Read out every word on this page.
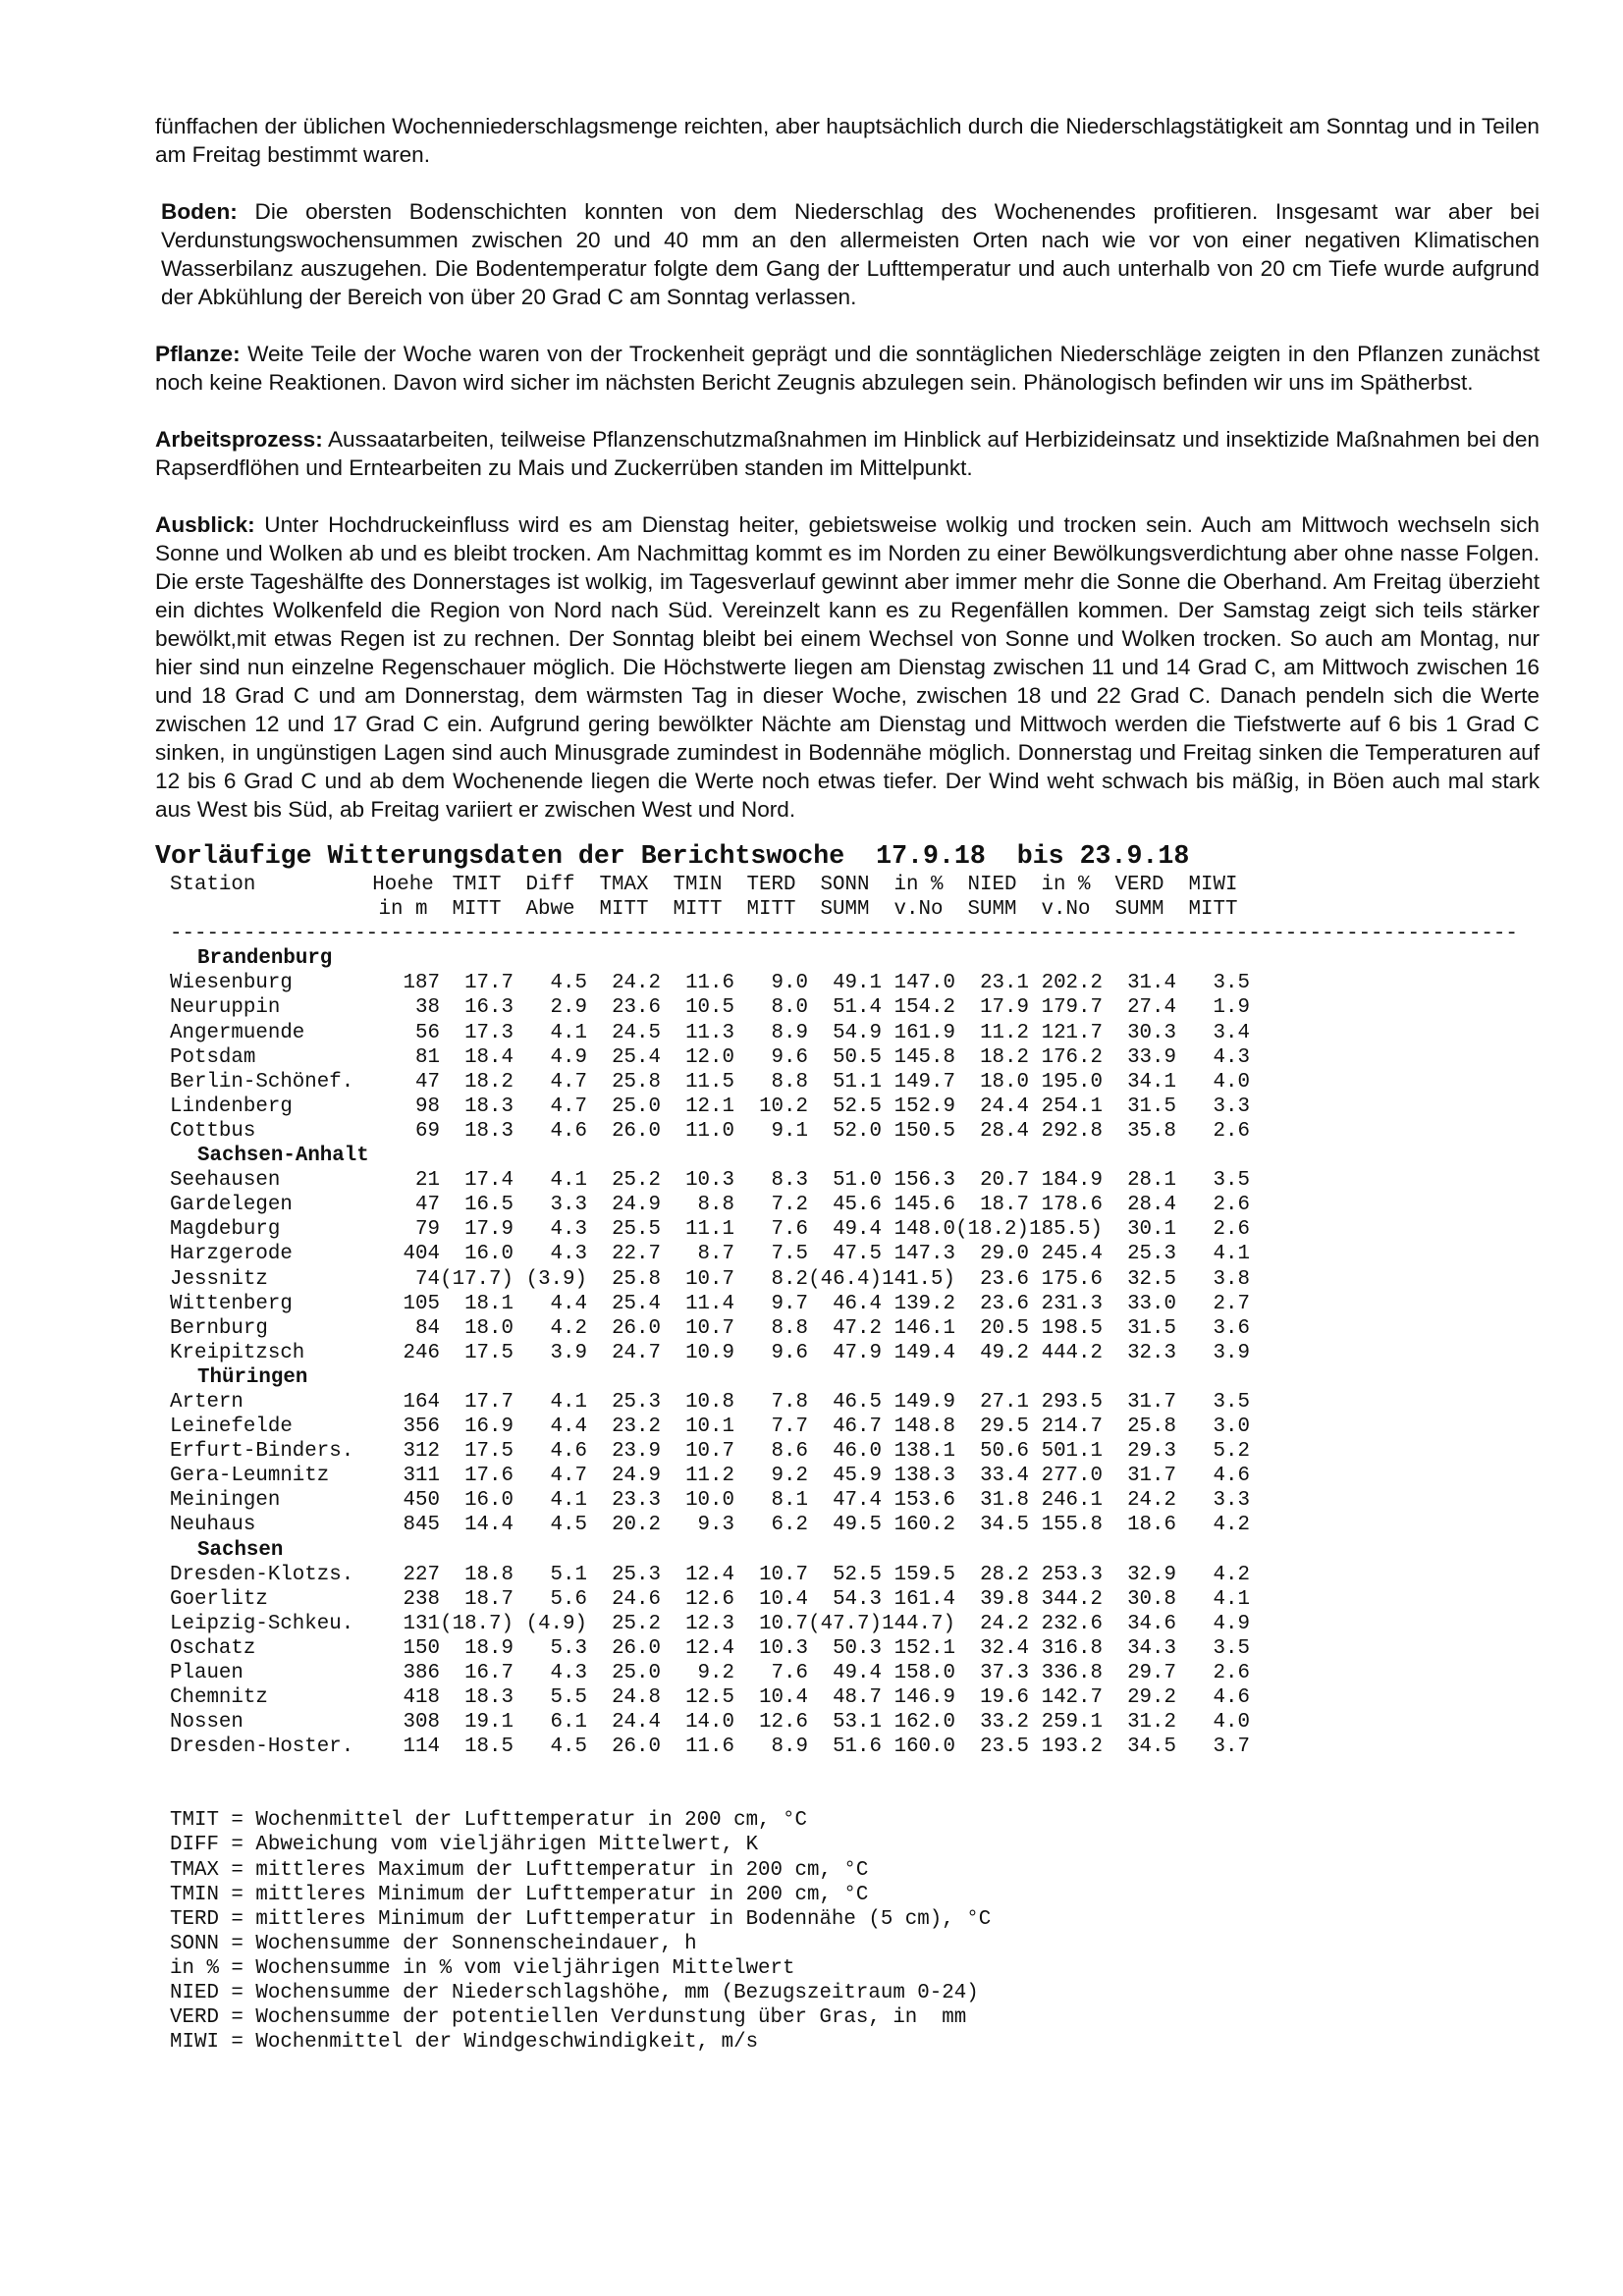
fünffachen der üblichen Wochenniederschlagsmenge reichten, aber hauptsächlich durch die Niederschlagstätigkeit am Sonntag und in Teilen am Freitag bestimmt waren.

Boden: Die obersten Bodenschichten konnten von dem Niederschlag des Wochenendes profitieren. Insgesamt war aber bei Verdunstungswochensummen zwischen 20 und 40 mm an den allermeisten Orten nach wie vor von einer negativen Klimatischen Wasserbilanz auszugehen. Die Bodentemperatur folgte dem Gang der Lufttemperatur und auch unterhalb von 20 cm Tiefe wurde aufgrund der Abkühlung der Bereich von über 20 Grad C am Sonntag verlassen.

Pflanze: Weite Teile der Woche waren von der Trockenheit geprägt und die sonntäglichen Niederschläge zeigten in den Pflanzen zunächst noch keine Reaktionen. Davon wird sicher im nächsten Bericht Zeugnis abzulegen sein. Phänologisch befinden wir uns im Spätherbst.

Arbeitsprozess: Aussaatarbeiten, teilweise Pflanzenschutzmaßnahmen im Hinblick auf Herbizideinsatz und insektizide Maßnahmen bei den Rapserdflöhen und Erntearbeiten zu Mais und Zuckerrüben standen im Mittelpunkt.

Ausblick: Unter Hochdruckeinfluss wird es am Dienstag heiter, gebietsweise wolkig und trocken sein. Auch am Mittwoch wechseln sich Sonne und Wolken ab und es bleibt trocken. Am Nachmittag kommt es im Norden zu einer Bewölkungsverdichtung aber ohne nasse Folgen. Die erste Tageshälfte des Donnerstages ist wolkig, im Tagesverlauf gewinnt aber immer mehr die Sonne die Oberhand. Am Freitag überzieht ein dichtes Wolkenfeld die Region von Nord nach Süd. Vereinzelt kann es zu Regenfällen kommen. Der Samstag zeigt sich teils stärker bewölkt,mit etwas Regen ist zu rechnen. Der Sonntag bleibt bei einem Wechsel von Sonne und Wolken trocken. So auch am Montag, nur hier sind nun einzelne Regenschauer möglich. Die Höchstwerte liegen am Dienstag zwischen 11 und 14 Grad C, am Mittwoch zwischen 16 und 18 Grad C und am Donnerstag, dem wärmsten Tag in dieser Woche, zwischen 18 und 22 Grad C. Danach pendeln sich die Werte zwischen 12 und 17 Grad C ein. Aufgrund gering bewölkter Nächte am Dienstag und Mittwoch werden die Tiefstwerte auf 6 bis 1 Grad C sinken, in ungünstigen Lagen sind auch Minusgrade zumindest in Bodennähe möglich. Donnerstag und Freitag sinken die Temperaturen auf 12 bis 6 Grad C und ab dem Wochenende liegen die Werte noch etwas tiefer. Der Wind weht schwach bis mäßig, in Böen auch mal stark aus West bis Süd, ab Freitag variiert er zwischen West und Nord.

Vorläufige Witterungsdaten der Berichtswoche  17.9.18  bis 23.9.18
Station	Hoehe TMIT	Diff	TMAX	TMIN	TERD	SONN	in %	NIED	in %	VERD	MIWI
in m	MITT	Abwe	MITT	MITT	MITT	SUMM	v.No	SUMM	v.No	SUMM	MITT
--------------------------------------------------------------------------------------------------------------
Brandenburg
Wiesenburg	187	17.7	4.5	24.2	11.6	9.0	49.1 147.0	23.1 202.2	31.4	3.5
Neuruppin	38	16.3	2.9	23.6	10.5	8.0	51.4 154.2	17.9 179.7	27.4	1.9
Angermuende	56	17.3	4.1	24.5	11.3	8.9	54.9 161.9	11.2 121.7	30.3	3.4
Potsdam	81	18.4	4.9	25.4	12.0	9.6	50.5 145.8	18.2 176.2	33.9	4.3
Berlin-Schönef.	47	18.2	4.7	25.8	11.5	8.8	51.1 149.7	18.0 195.0	34.1	4.0
Lindenberg	98	18.3	4.7	25.0	12.1	10.2	52.5 152.9	24.4 254.1	31.5	3.3
Cottbus	69	18.3	4.6	26.0	11.0	9.1	52.0 150.5	28.4 292.8	35.8	2.6
Sachsen-Anhalt
Seehausen	21	17.4	4.1	25.2	10.3	8.3	51.0 156.3	20.7 184.9	28.1	3.5
Gardelegen	47	16.5	3.3	24.9	8.8	7.2	45.6 145.6	18.7 178.6	28.4	2.6
Magdeburg	79	17.9	4.3	25.5	11.1	7.6	49.4 148.0 (18.2) 185.5)	30.1	2.6
Harzgerode	404	16.0	4.3	22.7	8.7	7.5	47.5 147.3	29.0 245.4	25.3	4.1
Jessnitz	74 (17.7) (3.9)	25.8	10.7	8.2 (46.4) 141.5)	23.6 175.6	32.5	3.8
Wittenberg	105	18.1	4.4	25.4	11.4	9.7	46.4 139.2	23.6 231.3	33.0	2.7
Bernburg	84	18.0	4.2	26.0	10.7	8.8	47.2 146.1	20.5 198.5	31.5	3.6
Kreipitzsch	246	17.5	3.9	24.7	10.9	9.6	47.9 149.4	49.2 444.2	32.3	3.9
Thüringen
Artern	164	17.7	4.1	25.3	10.8	7.8	46.5 149.9	27.1 293.5	31.7	3.5
Leinefelde	356	16.9	4.4	23.2	10.1	7.7	46.7 148.8	29.5 214.7	25.8	3.0
Erfurt-Binders.	312	17.5	4.6	23.9	10.7	8.6	46.0 138.1	50.6 501.1	29.3	5.2
Gera-Leumnitz	311	17.6	4.7	24.9	11.2	9.2	45.9 138.3	33.4 277.0	31.7	4.6
Meiningen	450	16.0	4.1	23.3	10.0	8.1	47.4 153.6	31.8 246.1	24.2	3.3
Neuhaus	845	14.4	4.5	20.2	9.3	6.2	49.5 160.2	34.5 155.8	18.6	4.2
Sachsen
Dresden-Klotzs.	227	18.8	5.1	25.3	12.4	10.7	52.5 159.5	28.2 253.3	32.9	4.2
Goerlitz	238	18.7	5.6	24.6	12.6	10.4	54.3 161.4	39.8 344.2	30.8	4.1
Leipzig-Schkeu.	131 (18.7) (4.9)	25.2	12.3	10.7 (47.7) 144.7)	24.2 232.6	34.6	4.9
Oschatz	150	18.9	5.3	26.0	12.4	10.3	50.3 152.1	32.4 316.8	34.3	3.5
Plauen	386	16.7	4.3	25.0	9.2	7.6	49.4 158.0	37.3 336.8	29.7	2.6
Chemnitz	418	18.3	5.5	24.8	12.5	10.4	48.7 146.9	19.6 142.7	29.2	4.6
Nossen	308	19.1	6.1	24.4	14.0	12.6	53.1 162.0	33.2 259.1	31.2	4.0
Dresden-Hoster.	114	18.5	4.5	26.0	11.6	8.9	51.6 160.0	23.5 193.2	34.5	3.7
TMIT = Wochenmittel der Lufttemperatur in 200 cm, °C
DIFF = Abweichung vom vieljährigen Mittelwert, K
TMAX = mittleres Maximum der Lufttemperatur in 200 cm, °C
TMIN = mittleres Minimum der Lufttemperatur in 200 cm, °C
TERD = mittleres Minimum der Lufttemperatur in Bodennähe (5 cm), °C
SONN = Wochensumme der Sonnenscheindauer, h
in % = Wochensumme in % vom vieljährigen Mittelwert
NIED = Wochensumme der Niederschlagshöhe, mm (Bezugszeitraum 0-24)
VERD = Wochensumme der potentiellen Verdunstung über Gras, in  mm
MIWI = Wochenmittel der Windgeschwindigkeit, m/s
